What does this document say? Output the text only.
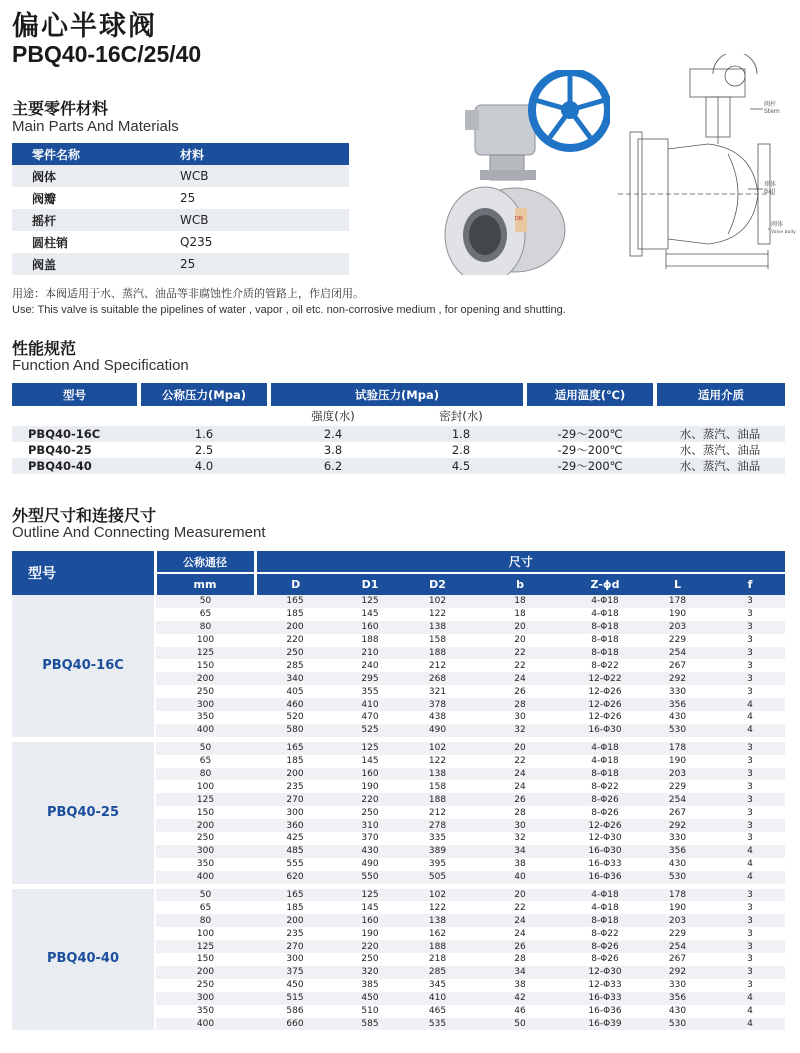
偏心半球阀
PBQ40-16C/25/40
主要零件材料
Main Parts And Materials
零件名称	材料
阀体	WCB
阀瓣	25
摇杆	WCB
圆柱销	Q235
阀盖	25
DN
阀杆
Stem
球体
Ball
阀体
Valve body
用途：本阀适用于水、蒸汽、油品等非腐蚀性介质的管路上，作启闭用。
Use: This valve is suitable the pipelines of water , vapor , oil etc. non-corrosive medium , for opening and shutting.
性能规范
Function And Specification
型号	公称压力(Mpa)	试验压力(Mpa)		适用温度(℃)	适用介质
		强度(水)	密封(水)		
PBQ40-16C	1.6	2.4	1.8	-29～200℃	水、蒸汽、油品
PBQ40-25	2.5	3.8	2.8	-29～200℃	水、蒸汽、油品
PBQ40-40	4.0	6.2	4.5	-29～200℃	水、蒸汽、油品
外型尺寸和连接尺寸
Outline And Connecting Measurement
型号	公称通径	尺寸						
	mm	D	D1	D2	b	Z-ϕd	L	f
PBQ40-16C	50	165	125	102	18	4-Φ18	178	3
	65	185	145	122	18	4-Φ18	190	3
	80	200	160	138	20	8-Φ18	203	3
	100	220	188	158	20	8-Φ18	229	3
	125	250	210	188	22	8-Φ18	254	3
	150	285	240	212	22	8-Φ22	267	3
	200	340	295	268	24	12-Φ22	292	3
	250	405	355	321	26	12-Φ26	330	3
	300	460	410	378	28	12-Φ26	356	4
	350	520	470	438	30	12-Φ26	430	4
	400	580	525	490	32	16-Φ30	530	4

PBQ40-25	50	165	125	102	20	4-Φ18	178	3
	65	185	145	122	22	4-Φ18	190	3
	80	200	160	138	24	8-Φ18	203	3
	100	235	190	158	24	8-Φ22	229	3
	125	270	220	188	26	8-Φ26	254	3
	150	300	250	212	28	8-Φ26	267	3
	200	360	310	278	30	12-Φ26	292	3
	250	425	370	335	32	12-Φ30	330	3
	300	485	430	389	34	16-Φ30	356	4
	350	555	490	395	38	16-Φ33	430	4
	400	620	550	505	40	16-Φ36	530	4

PBQ40-40	50	165	125	102	20	4-Φ18	178	3
	65	185	145	122	22	4-Φ18	190	3
	80	200	160	138	24	8-Φ18	203	3
	100	235	190	162	24	8-Φ22	229	3
	125	270	220	188	26	8-Φ26	254	3
	150	300	250	218	28	8-Φ26	267	3
	200	375	320	285	34	12-Φ30	292	3
	250	450	385	345	38	12-Φ33	330	3
	300	515	450	410	42	16-Φ33	356	4
	350	586	510	465	46	16-Φ36	430	4
	400	660	585	535	50	16-Φ39	530	4
